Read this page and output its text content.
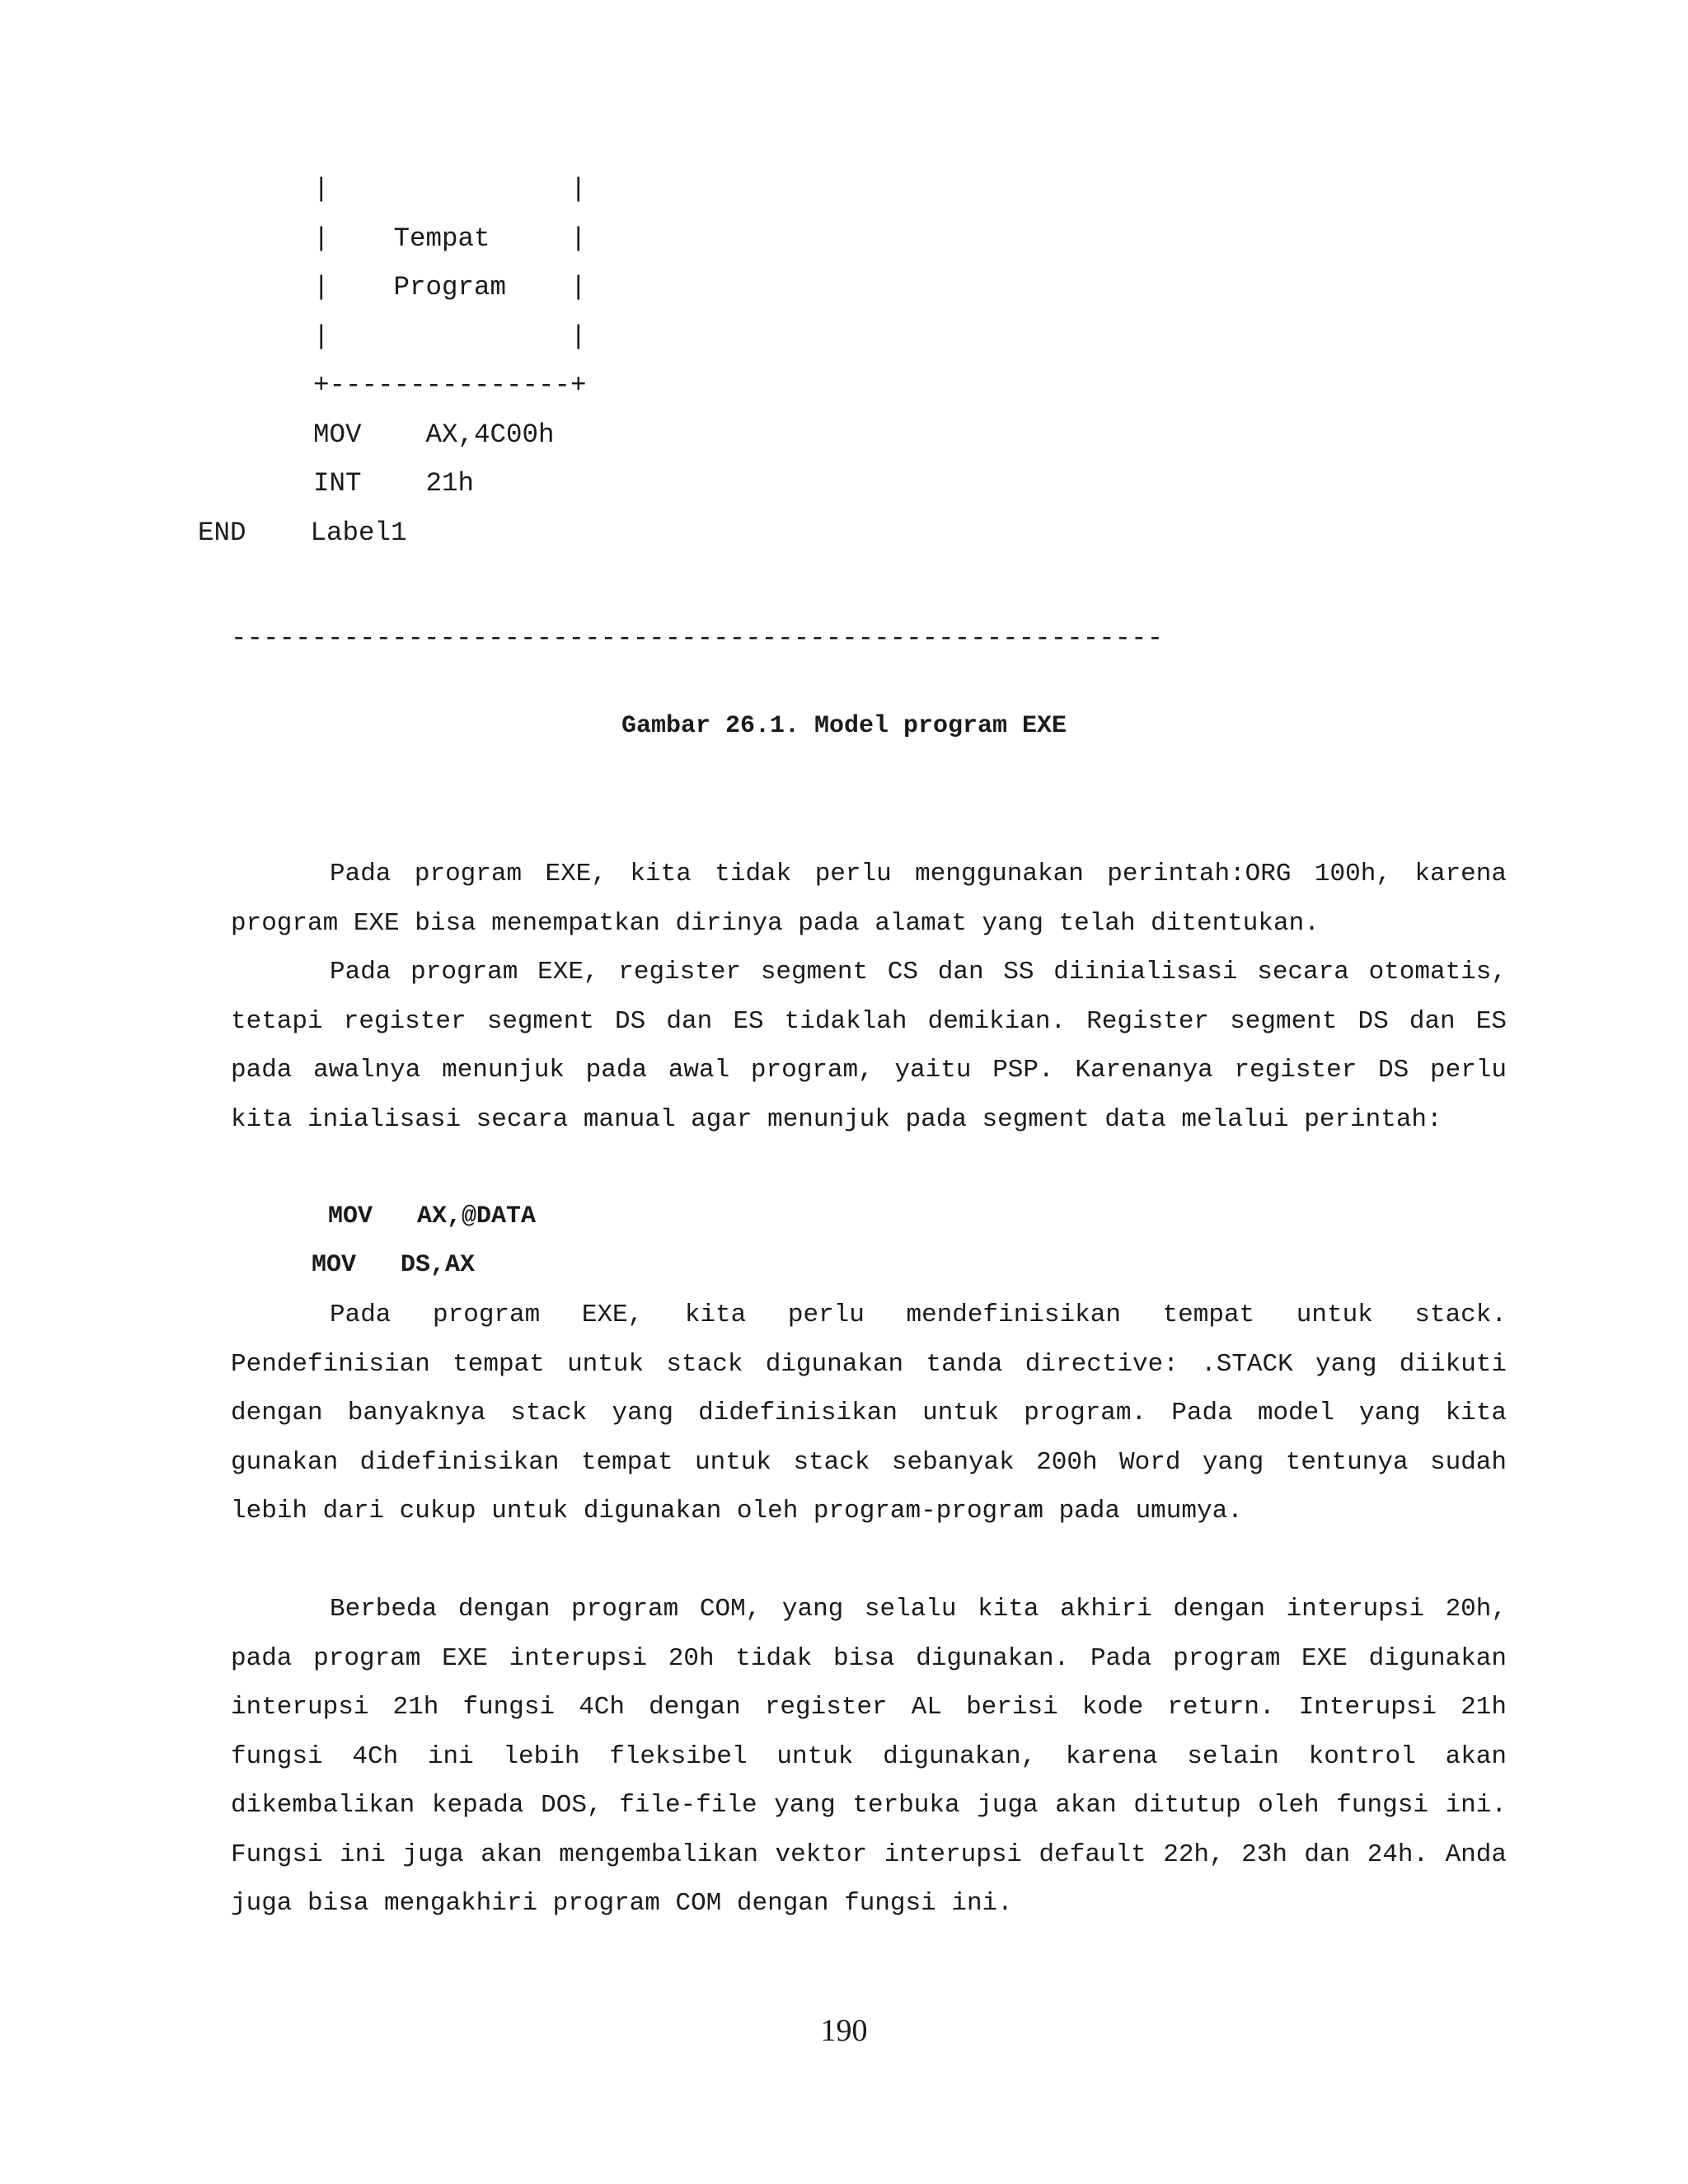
|               |
|    Tempat     |
|    Program    |
|               |
+---------------+
MOV    AX,4C00h
INT    21h
END    Label1
----------------------------------------------------------
Gambar 26.1. Model program EXE

Pada program EXE, kita tidak perlu menggunakan perintah:ORG 100h, karena program EXE bisa menempatkan dirinya pada alamat yang telah ditentukan.

Pada program EXE, register segment CS dan SS diinialisasi secara otomatis, tetapi register segment DS dan ES tidaklah demikian. Register segment DS dan ES pada awalnya menunjuk pada awal program, yaitu PSP. Karenanya register DS perlu kita inialisasi secara manual agar menunjuk pada segment data melalui perintah:

MOV   AX,@DATA
MOV   DS,AX

Pada program EXE, kita perlu mendefinisikan tempat untuk stack. Pendefinisian tempat untuk stack digunakan tanda directive: .STACK yang diikuti dengan banyaknya stack yang didefinisikan untuk program. Pada model yang kita gunakan didefinisikan tempat untuk stack sebanyak 200h Word yang tentunya sudah lebih dari cukup untuk digunakan oleh program-program pada umumya.

Berbeda dengan program COM, yang selalu kita akhiri dengan interupsi 20h, pada program EXE interupsi 20h tidak bisa digunakan. Pada program EXE digunakan interupsi 21h fungsi 4Ch dengan register AL berisi kode return. Interupsi 21h fungsi 4Ch ini lebih fleksibel untuk digunakan, karena selain kontrol akan dikembalikan kepada DOS, file-file yang terbuka juga akan ditutup oleh fungsi ini. Fungsi ini juga akan mengembalikan vektor interupsi default 22h, 23h dan 24h. Anda juga bisa mengakhiri program COM dengan fungsi ini.

190
